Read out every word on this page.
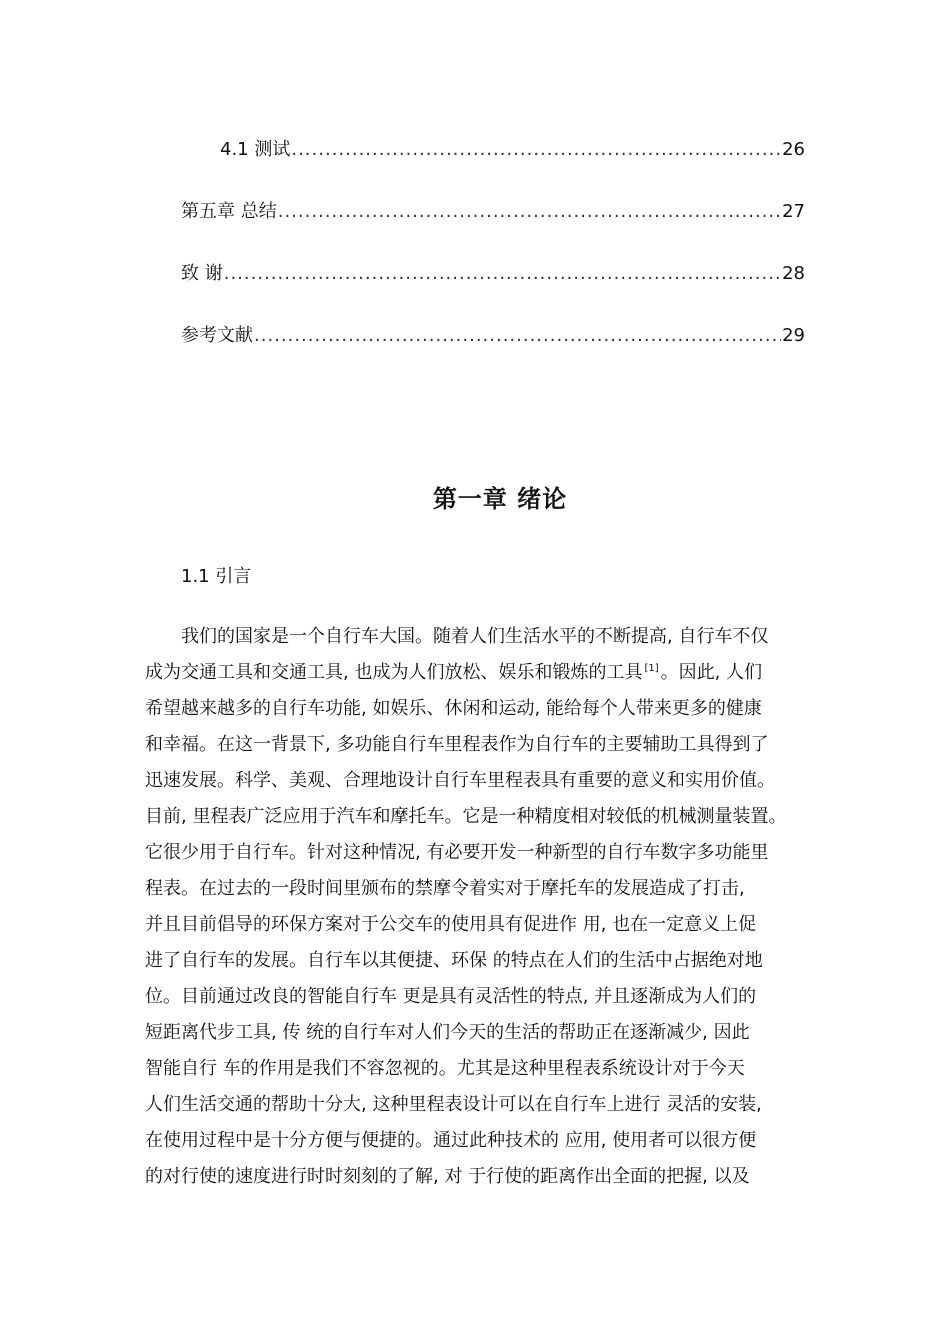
4.1 测试 .....	26
第五章 总结 .....	27
致 谢 .....	28
参考文献 .....	29
第一章 绪论
1.1 引言
我们的国家是一个自行车大国。随着人们生活水平的不断提高, 自行车不仅
成为交通工具和交通工具, 也成为人们放松、娱乐和锻炼的工具 [1] 。因此, 人们
希望越来越多的自行车功能, 如娱乐、休闲和运动, 能给每个人带来更多的健康
和幸福。在这一背景下, 多功能自行车里程表作为自行车的主要辅助工具得到了
迅速发展。科学、美观、合理地设计自行车里程表具有重要的意义和实用价值。
目前, 里程表广泛应用于汽车和摩托车。它是一种精度相对较低的机械测量装置。
它很少用于自行车。针对这种情况, 有必要开发一种新型的自行车数字多功能里
程表。在过去的一段时间里颁布的禁摩令着实对于摩托车的发展造成了打击,
并且目前倡导的环保方案对于公交车的使用具有促进作 用, 也在一定意义上促
进了自行车的发展。自行车以其便捷、环保 的特点在人们的生活中占据绝对地
位。目前通过改良的智能自行车 更是具有灵活性的特点, 并且逐渐成为人们的
短距离代步工具, 传 统的自行车对人们今天的生活的帮助正在逐渐减少, 因此
智能自行 车的作用是我们不容忽视的。尤其是这种里程表系统设计对于今天
人们生活交通的帮助十分大, 这种里程表设计可以在自行车上进行 灵活的安装,
在使用过程中是十分方便与便捷的。通过此种技术的 应用, 使用者可以很方便
的对行使的速度进行时时刻刻的了解, 对 于行使的距离作出全面的把握, 以及
